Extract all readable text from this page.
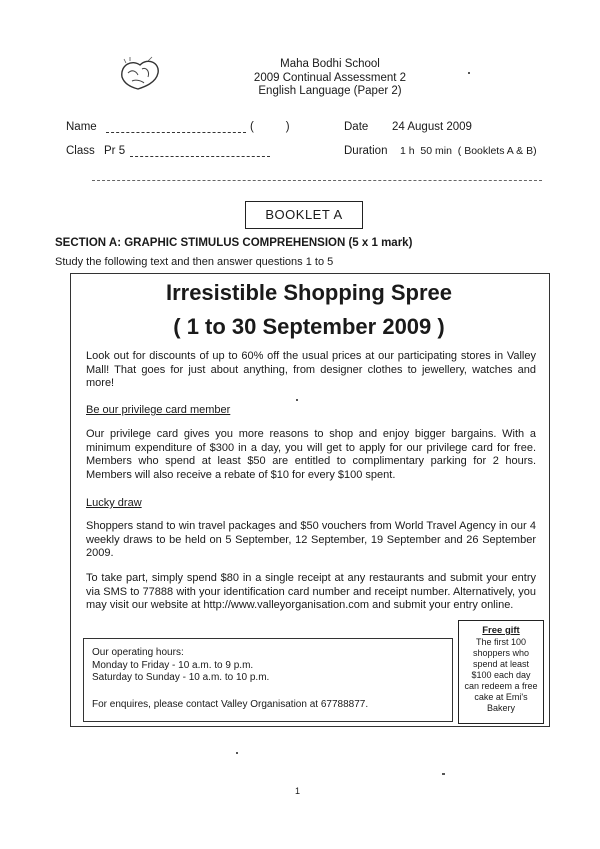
Maha Bodhi School
2009 Continual Assessment 2
English Language (Paper 2)
Name	(          )	Date 24 August 2009
Class Pr 5	Duration 1 h  50 min  ( Booklets A & B)
BOOKLET A
SECTION A: GRAPHIC STIMULUS COMPREHENSION (5 x 1 mark)
Study the following text and then answer questions 1 to 5
Irresistible Shopping Spree
( 1 to 30 September 2009 )
Look out for discounts of up to 60% off the usual prices at our participating stores in Valley Mall! That goes for just about anything, from designer clothes to jewellery, watches and more!
Be our privilege card member
Our privilege card gives you more reasons to shop and enjoy bigger bargains. With a minimum expenditure of $300 in a day, you will get to apply for our privilege card for free. Members who spend at least $50 are entitled to complimentary parking for 2 hours. Members will also receive a rebate of $10 for every $100 spent.
Lucky draw
Shoppers stand to win travel packages and $50 vouchers from World Travel Agency in our 4 weekly draws to be held on 5 September, 12 September, 19 September and 26 September 2009.
To take part, simply spend $80 in a single receipt at any restaurants and submit your entry via SMS to 77888 with your identification card number and receipt number. Alternatively, you may visit our website at http://www.valleyorganisation.com and submit your entry online.
Our operating hours:
Monday to Friday - 10 a.m. to 9 p.m.
Saturday to Sunday - 10 a.m. to 10 p.m.
For enquires, please contact Valley Organisation at 67788877.
Free gift
The first 100 shoppers who spend at least $100 each day can redeem a free cake at Emi's Bakery
1
